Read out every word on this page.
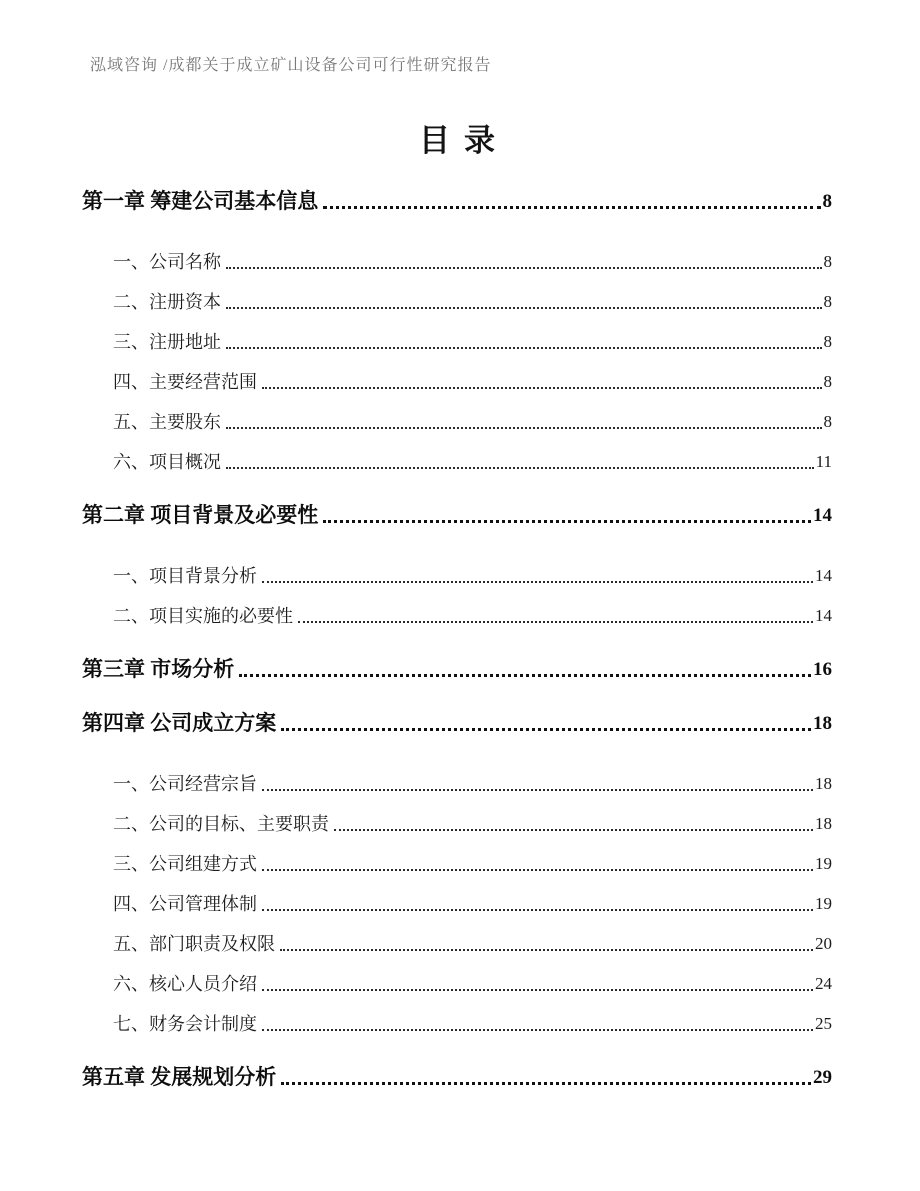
泓域咨询 /成都关于成立矿山设备公司可行性研究报告
目录
第一章 筹建公司基本信息	8
一、公司名称	8
二、注册资本	8
三、注册地址	8
四、主要经营范围	8
五、主要股东	8
六、项目概况	11
第二章 项目背景及必要性	14
一、项目背景分析	14
二、项目实施的必要性	14
第三章 市场分析	16
第四章 公司成立方案	18
一、公司经营宗旨	18
二、公司的目标、主要职责	18
三、公司组建方式	19
四、公司管理体制	19
五、部门职责及权限	20
六、核心人员介绍	24
七、财务会计制度	25
第五章 发展规划分析	29
